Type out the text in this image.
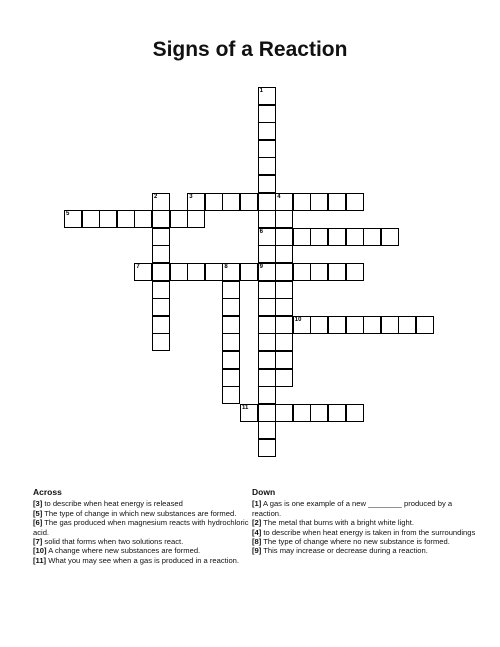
Signs of a Reaction
1
6
9
2	3	4
5
7	8
10
11
Across

[3] to describe when heat energy is released

[5] The type of change in which new substances are formed.

[6] The gas produced when magnesium reacts with hydrochloric acid.

[7] solid that forms when two solutions react.

[10] A change where new substances are formed.

[11] What you may see when a gas is produced in a reaction.

Down

[1] A gas is one example of a new ________ produced by a reaction.

[2] The metal that burns with a bright white light.

[4] to describe when heat energy is taken in from the surroundings

[8] The type of change where no new substance is formed.

[9] This may increase or decrease during a reaction.
